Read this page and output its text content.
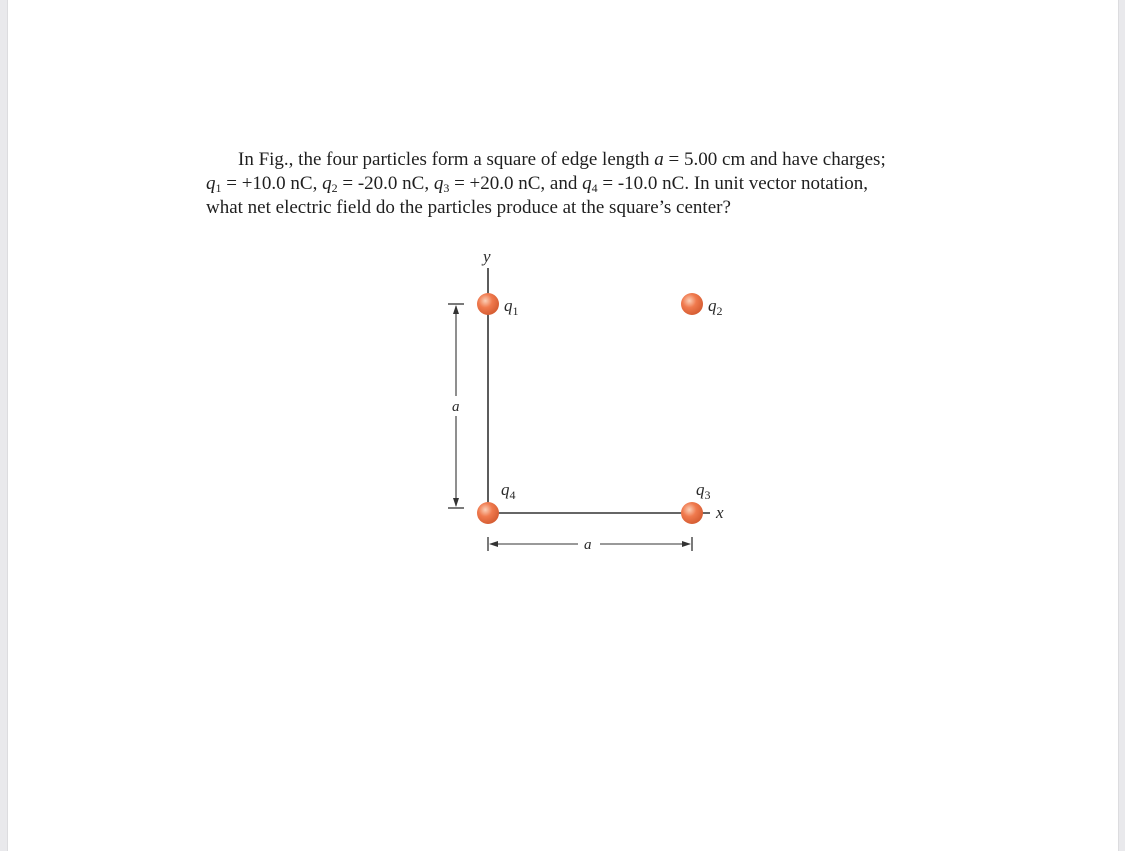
In Fig., the four particles form a square of edge length a = 5.00 cm and have charges;
$q_1 = +10.0$ nC, $q_2 = -20.0$ nC, $q_3 = +20.0$ nC, and $q_4 = -10.0$ nC. In unit vector notation,
what net electric field do the particles produce at the square’s center?
y
x
a
a
$q_1$	$q_2$
$q_3$
$q_4$
